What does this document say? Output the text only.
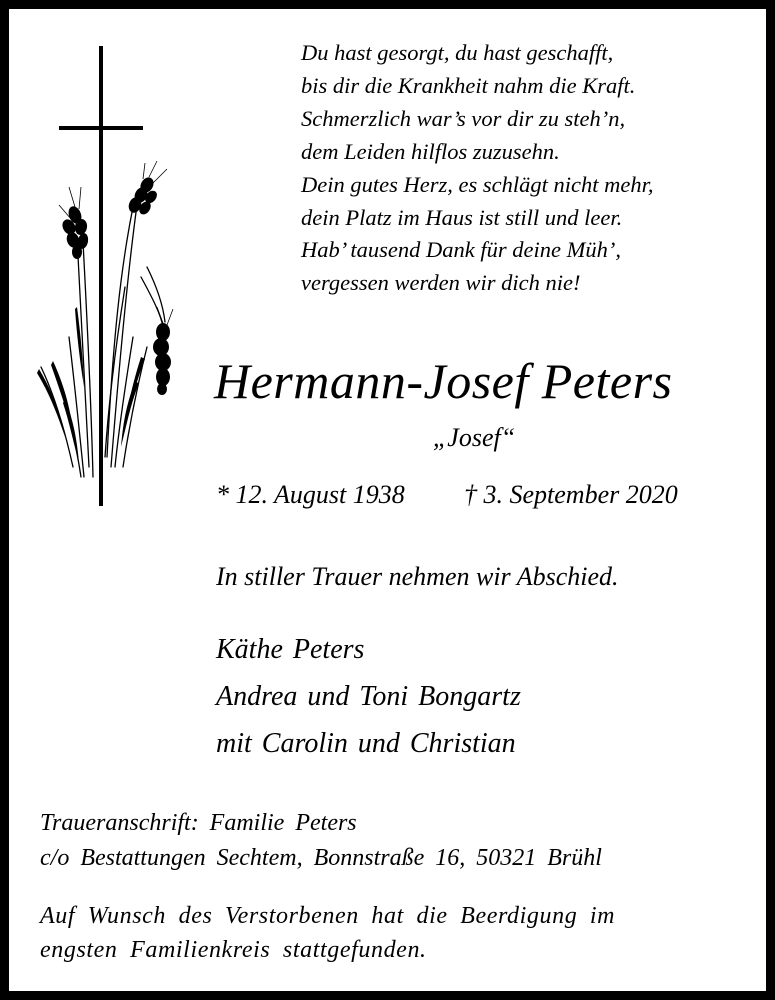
Du hast gesorgt, du hast geschafft,
bis dir die Krankheit nahm die Kraft.
Schmerzlich war’s vor dir zu steh’n,
dem Leiden hilflos zuzusehn.
Dein gutes Herz, es schlägt nicht mehr,
dein Platz im Haus ist still und leer.
Hab’ tausend Dank für deine Müh’,
vergessen werden wir dich nie!
Hermann-Josef Peters
„Josef“
* 12. August 1938 † 3. September 2020
In stiller Trauer nehmen wir Abschied.
Käthe Peters
Andrea und Toni Bongartz
mit Carolin und Christian
Traueranschrift: Familie Peters
c/o Bestattungen Sechtem, Bonnstraße 16, 50321 Brühl
Auf Wunsch des Verstorbenen hat die Beerdigung im
engsten Familienkreis stattgefunden.
